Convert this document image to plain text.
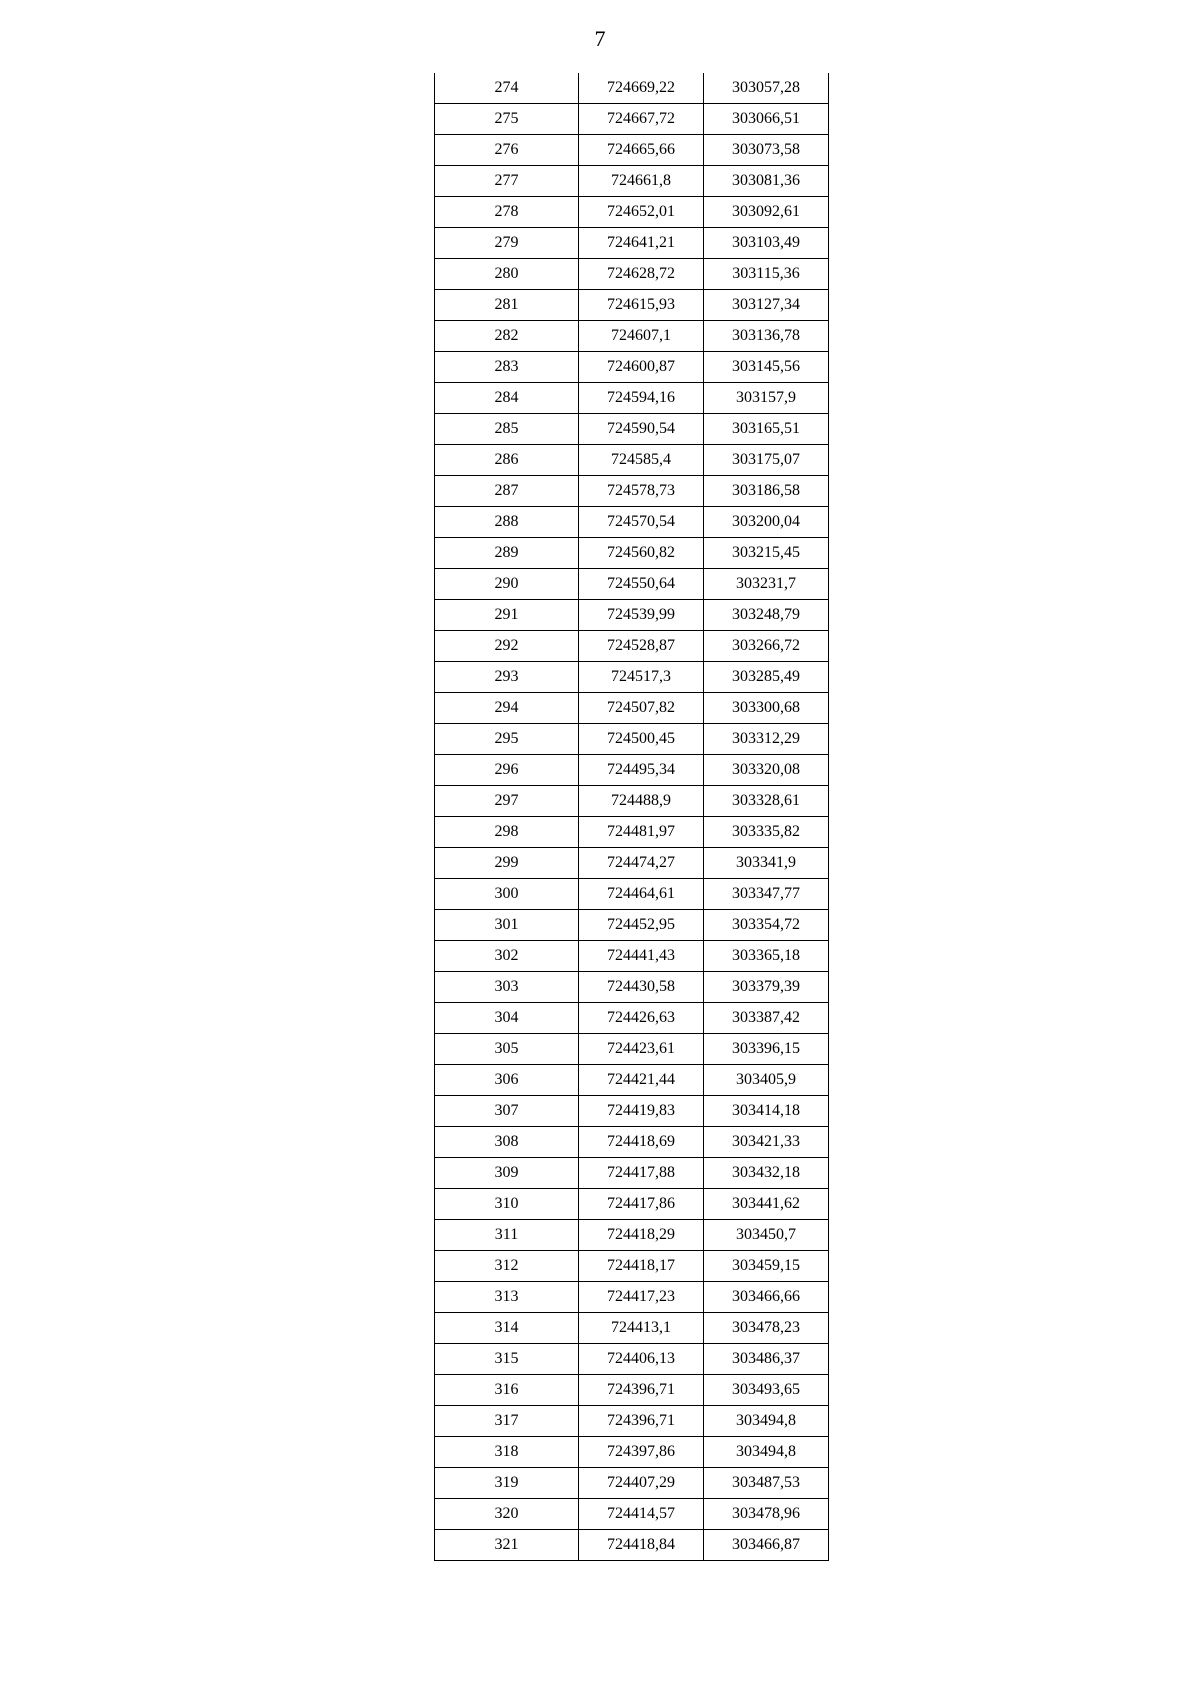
7
274	724669,22	303057,28
275	724667,72	303066,51
276	724665,66	303073,58
277	724661,8	303081,36
278	724652,01	303092,61
279	724641,21	303103,49
280	724628,72	303115,36
281	724615,93	303127,34
282	724607,1	303136,78
283	724600,87	303145,56
284	724594,16	303157,9
285	724590,54	303165,51
286	724585,4	303175,07
287	724578,73	303186,58
288	724570,54	303200,04
289	724560,82	303215,45
290	724550,64	303231,7
291	724539,99	303248,79
292	724528,87	303266,72
293	724517,3	303285,49
294	724507,82	303300,68
295	724500,45	303312,29
296	724495,34	303320,08
297	724488,9	303328,61
298	724481,97	303335,82
299	724474,27	303341,9
300	724464,61	303347,77
301	724452,95	303354,72
302	724441,43	303365,18
303	724430,58	303379,39
304	724426,63	303387,42
305	724423,61	303396,15
306	724421,44	303405,9
307	724419,83	303414,18
308	724418,69	303421,33
309	724417,88	303432,18
310	724417,86	303441,62
311	724418,29	303450,7
312	724418,17	303459,15
313	724417,23	303466,66
314	724413,1	303478,23
315	724406,13	303486,37
316	724396,71	303493,65
317	724396,71	303494,8
318	724397,86	303494,8
319	724407,29	303487,53
320	724414,57	303478,96
321	724418,84	303466,87
